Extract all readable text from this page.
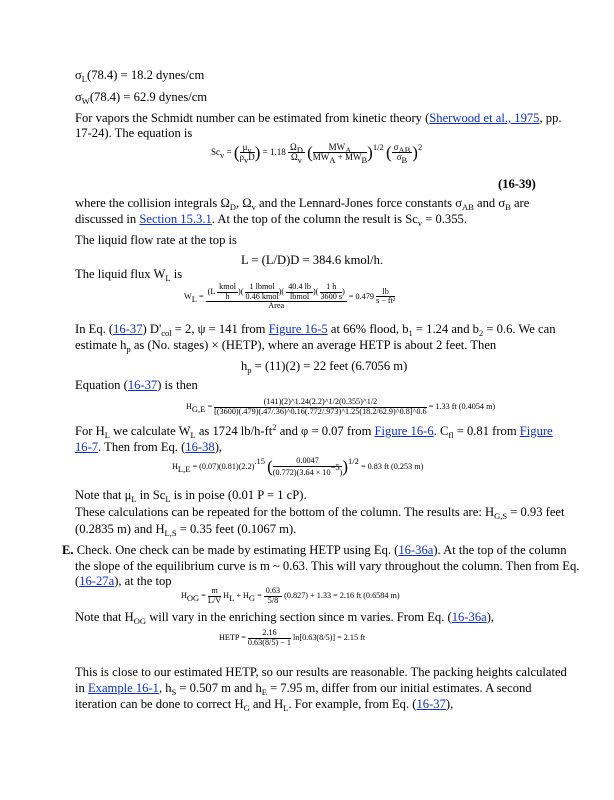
$\sigma_L(78.4) = 18.2$ dynes/cm
$\sigma_W(78.4) = 62.9$ dynes/cm
For vapors the Schmidt number can be estimated from kinetic theory (Sherwood et al., 1975, pp.
17-24). The equation is
$Sc_v$ = ( $\frac{\mu_v}{\rho_vD}$ ) = $1.18 \frac{\Omega_D}{\Omega_v}$ ( $\frac{MW_A}{MW_A + MW_B} )^{1/2}$ ( $\frac{\sigma_{AB}}{\sigma_B} )^2$
(16-39)
where the collision integrals $\Omega_D$, $\Omega_v$ and the Lennard-Jones force constants $\sigma_{AB}$ and $\sigma_B$ are
discussed in Section 15.3.1. At the top of the column the result is $Sc_v = 0.355$.
The liquid flow rate at the top is
L = (L/D)D = 384.6 kmol/h.
The liquid flux $W_L$ is
$W_L$ =
($L \frac{\text{kmol}}{h}$ )( $\frac{\text{1 lbmol}}{\text{0.46 kmol}}$ )( $\frac{40.4 lb}{\text{lbmol}}$ )( $\frac{1 h}{3600 s}$ )
Area
= $0.479 \frac{lb}{\text{s − ft²}}$
In Eq. (16-37) $D'_{col} = 2$, ψ = 141 from Figure 16-5 at 66% flood, $b_1 = 1.24$ and $b_2 = 0.6$. We can
estimate $h_p$ as (No. stages) × (HETP), where an average HETP is about 2 feet. Then
$h_p = (11)(2) = 22$ feet (6.7056 m)
Equation (16-37) is then
$H_{G,E}$ =
(141)(2)^1.24(2.2)^1/2(0.355)^1/2
[(3600)(.479)(.47/.36)^0.16(.772/.973)^1.25(18.2/62.9)^0.8]^0.6
= 1.33 ft (0.4054 m)
For $H_L$ we calculate $W_L$ as 1724 $lb/h-ft^2$ and φ = 0.07 from Figure 16-6. $C_{fl} = 0.81$ from Figure
16-7. Then from Eq. (16-38),
$H_{L,E} = (0.07)(0.81)(2.2)^{.15}$ ( $\frac{0.0047}{(0.772)(3.64 \times 10^{-5})} )^{1/2} = 0.83$ ft (0.253 m)
Note that $\mu_L$ in $Sc_L$ is in poise (0.01 P = 1 cP).
These calculations can be repeated for the bottom of the column. The results are: $H_{G,S} = 0.93$ feet
(0.2835 m) and $H_{L,S} = 0.35$ feet (0.1067 m).
E. Check. One check can be made by estimating HETP using Eq. (16-36a). At the top of the column
the slope of the equilibrium curve is m ~ 0.63. This will vary throughout the column. Then from Eq.
(16-27a), at the top
$H_{OG} = \frac{m}{L/V} H_L + H_G = \frac{0.63}{5/8} (0.827) + 1.33 = 2.16$ ft (0.6584 m)
Note that $H_{OG}$ will vary in the enriching section since m varies. From Eq. (16-36a),
HETP = $\frac{2.16}{0.63(8/5) - 1} \ln[0.63(8/5)] = 2.15$ ft
This is close to our estimated HETP, so our results are reasonable. The packing heights calculated
in Example 16-1, $h_S = 0.507$ m and $h_E = 7.95$ m, differ from our initial estimates. A second
iteration can be done to correct $H_G$ and $H_L$. For example, from Eq. (16-37),
